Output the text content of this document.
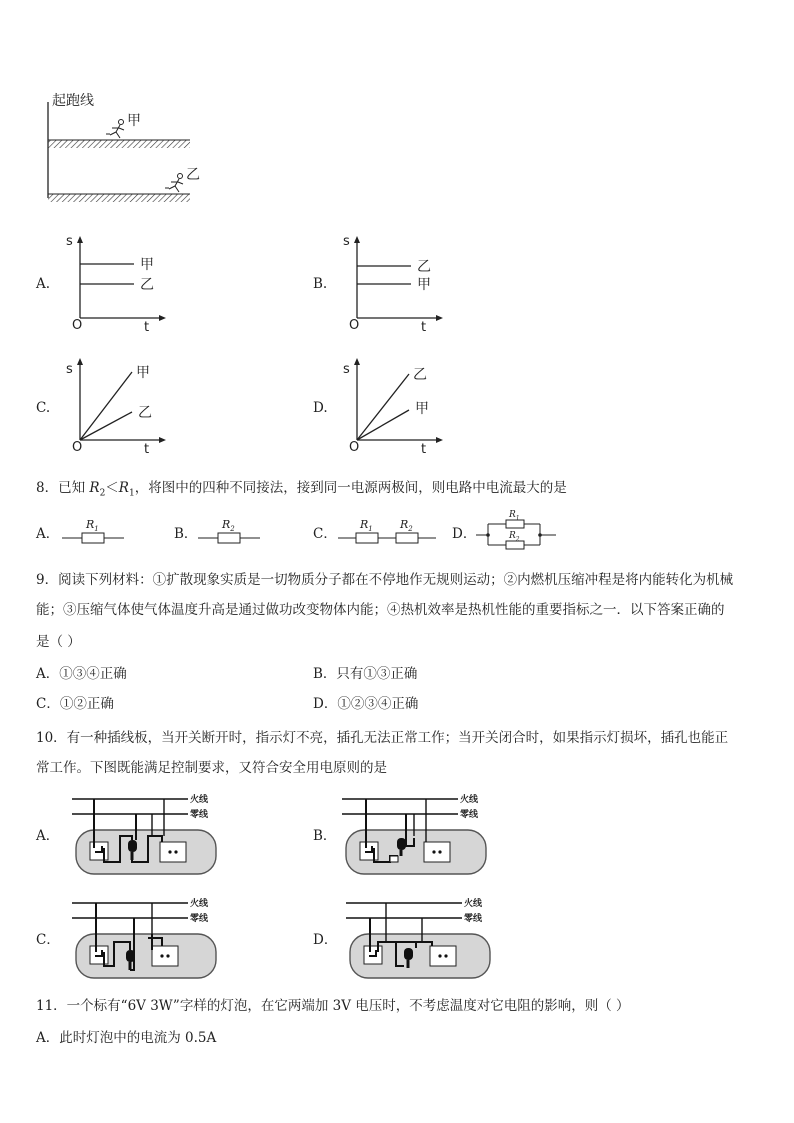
起跑线
甲
乙
A.
s
t
O
甲
乙	B.
s
t
O
乙
甲
C.
s
t
O
甲
乙	D.
s
t
O
乙
甲
8．已知 $R_2<R_1$，将图中的四种不同接法，接到同一电源两极间，则电路中电流最大的是
A．
$R_1$	B．
$R_2$	C．
$R_1$ $R_2$	D．
$R_1$
$R_2$
9．阅读下列材料：①扩散现象实质是一切物质分子都在不停地作无规则运动；②内燃机压缩冲程是将内能转化为机械
能；③压缩气体使气体温度升高是通过做功改变物体内能；④热机效率是热机性能的重要指标之一．以下答案正确的
是（ ）
A．①③④正确	B．只有①③正确
C．①②正确	D．①②③④正确
10．有一种插线板，当开关断开时，指示灯不亮，插孔无法正常工作；当开关闭合时，如果指示灯损坏，插孔也能正
常工作。下图既能满足控制要求，又符合安全用电原则的是
A．
火线
零线
B．
火线
零线
C．
火线
零线
D．
火线
零线
11．一个标有“6V 3W”字样的灯泡，在它两端加 3V 电压时，不考虑温度对它电阻的影响，则（ ）
A．此时灯泡中的电流为 0.5A
